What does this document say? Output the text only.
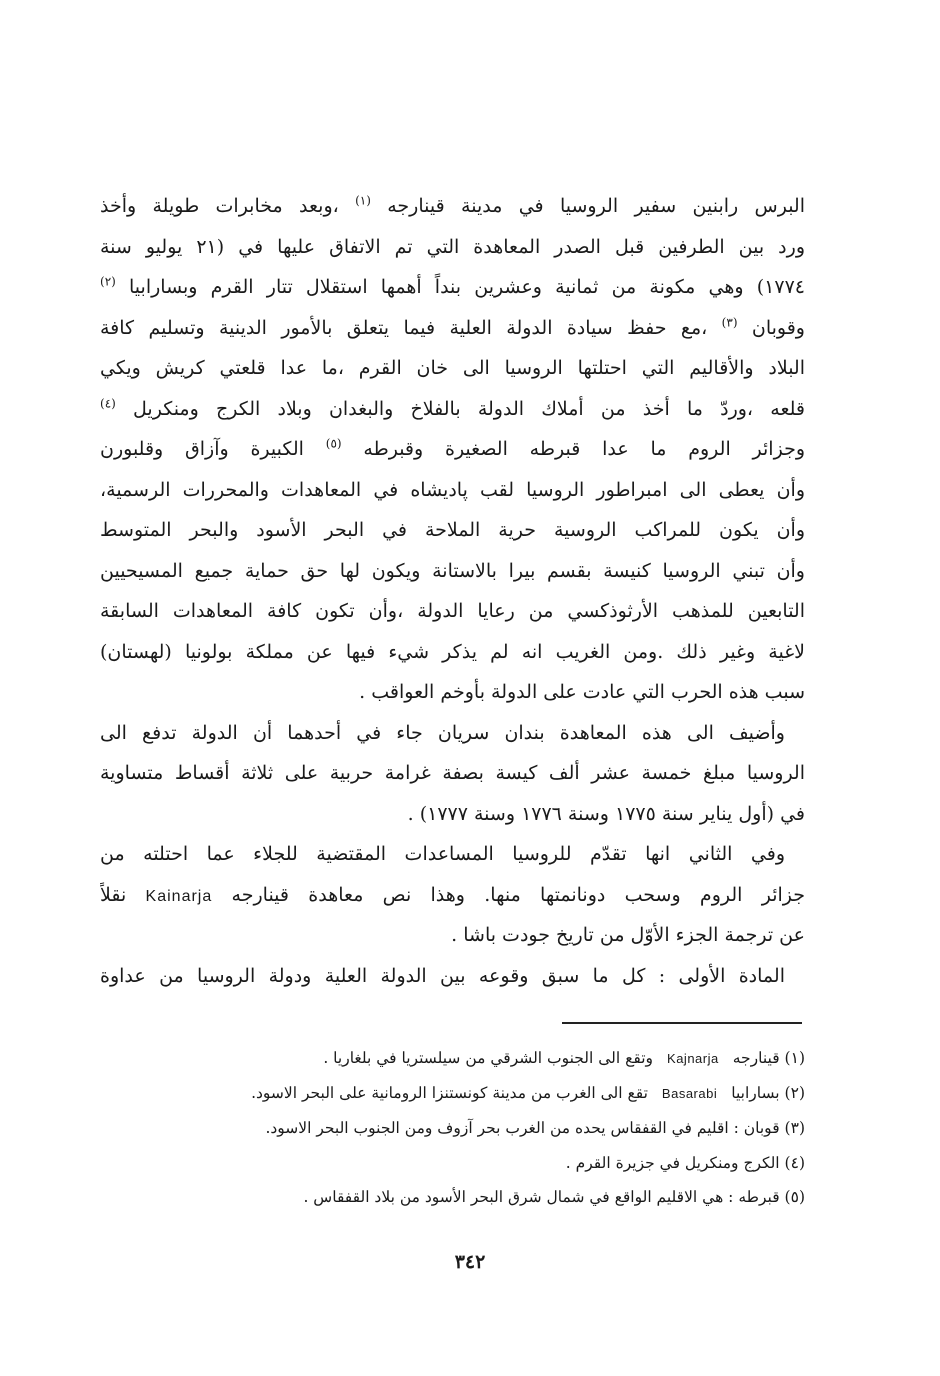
البرس رابنين سفير الروسيا في مدينة قينارجه $^{(١)}$ ،وبعد مخابرات طويلة وأخذ
ورد بين الطرفين قبل الصدر المعاهدة التي تم الاتفاق عليها في (٢١ يوليو سنة
١٧٧٤) وهي مكونة من ثمانية وعشرين بنداً أهمها استقلال تتار القرم وبسارابيا $^{(٢)}$
وقوبان $^{(٣)}$ ،مع حفظ سيادة الدولة العلية فيما يتعلق بالأمور الدينية وتسليم كافة
البلاد والأقاليم التي احتلتها الروسيا الى خان القرم ،ما عدا قلعتي كريش ويكي
قلعه ،وردّ ما أخذ من أملاك الدولة بالفلاخ والبغدان وبلاد الكرج ومنكريل $^{(٤)}$
وجزائر الروم ما عدا قبرطه الصغيرة وقبرطه $^{(٥)}$ الكبيرة وآزاق وقلبورن
وأن يعطى الى امبراطور الروسيا لقب پاديشاه في المعاهدات والمحررات الرسمية،
وأن يكون للمراكب الروسية حرية الملاحة في البحر الأسود والبحر المتوسط
وأن تبني الروسيا كنيسة بقسم بيرا بالاستانة ويكون لها حق حماية جميع المسيحيين
التابعين للمذهب الأرثوذكسي من رعايا الدولة ،وأن تكون كافة المعاهدات السابقة
لاغية وغير ذلك .ومن الغريب انه لم يذكر شيء فيها عن مملكة بولونيا (لهستان)
سبب هذه الحرب التي عادت على الدولة بأوخم العواقب .
وأضيف الى هذه المعاهدة بندان سريان جاء في أحدهما أن الدولة تدفع الى
الروسيا مبلغ خمسة عشر ألف كيسة بصفة غرامة حربية على ثلاثة أقساط متساوية
في (أول يناير سنة ١٧٧٥ وسنة ١٧٧٦ وسنة ١٧٧٧) .
وفي الثاني انها تقدّم للروسيا المساعدات المقتضية للجلاء عما احتلته من
جزائر الروم وسحب دونانمتها منها. وهذا نص معاهدة قينارجه Kainarja نقلاً
عن ترجمة الجزء الأوّل من تاريخ جودت باشا .
المادة الأولى : كل ما سبق وقوعه بين الدولة العلية ودولة الروسيا من عداوة
(١) قينارجهKajnarjaوتقع الى الجنوب الشرقي من سيلستريا في بلغاريا .
(٢) بسارابياBasarabiتقع الى الغرب من مدينة كونستنزا الرومانية على البحر الاسود.
(٣) قوبان : اقليم في القفقاس يحده من الغرب بحر آزوف ومن الجنوب البحر الاسود.
(٤) الكرج ومنكريل في جزيرة القرم .
(٥) قبرطه : هي الاقليم الواقع في شمال شرق البحر الأسود من بلاد القفقاس .
٣٤٢
